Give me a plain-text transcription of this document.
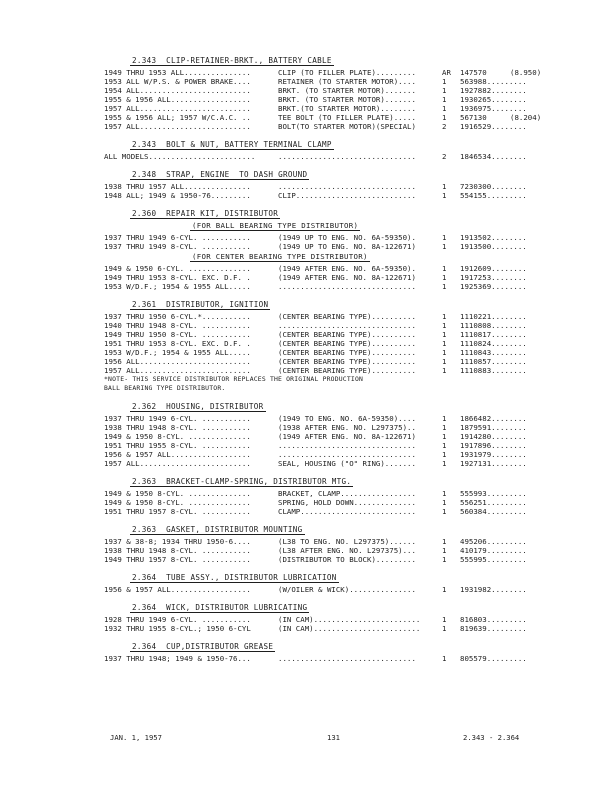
2.343  CLIP-RETAINER-BRKT., BATTERY CABLE
1949 THRU 1953 ALL...............	CLIP (TO FILLER PLATE).........	AR 147570	(8.950)
1953 ALL W/P.S. & POWER BRAKE....	RETAINER (TO STARTER MOTOR)....	1 563988.........
1954 ALL.........................	BRKT. (TO STARTER MOTOR).......	1 1927882........
1955 & 1956 ALL..................	BRKT. (TO STARTER MOTOR).......	1 1930265........
1957 ALL.........................	BRKT.(TO STARTER MOTOR)........	1 1936975........
1955 & 1956 ALL; 1957 W/C.A.C. ..	TEE BOLT (TO FILLER PLATE).....	1 567130	(8.204)
1957 ALL.........................	BOLT(TO STARTER MOTOR)(SPECIAL)	2 1916529........
2.343  BOLT & NUT, BATTERY TERMINAL CLAMP
ALL MODELS........................	...............................	2 1846534........
2.348  STRAP, ENGINE  TO DASH GROUND
1938 THRU 1957 ALL...............	...............................	1 7230300........
1948 ALL; 1949 & 1950-76.........	CLIP...........................	1 554155.........
2.360  REPAIR KIT, DISTRIBUTOR
(FOR BALL BEARING TYPE DISTRIBUTOR)
1937 THRU 1949 6-CYL. ...........	(1949 UP TO ENG. NO. 6A-59350).	1 1913502........
1937 THRU 1949 8-CYL. ...........	(1949 UP TO ENG. NO. 8A-122671)	1 1913500........
(FOR CENTER BEARING TYPE DISTRIBUTOR)
1949 & 1950 6-CYL. ..............	(1949 AFTER ENG. NO. 6A-59350).	1 1912609........
1949 THRU 1953 8-CYL. EXC. D.F. .	(1949 AFTER ENG. NO. 8A-122671)	1 1917253........
1953 W/D.F.; 1954 & 1955 ALL.....	...............................	1 1925369........
2.361  DISTRIBUTOR, IGNITION
1937 THRU 1950 6-CYL.*...........	(CENTER BEARING TYPE)..........	1 1110221........
1940 THRU 1948 8-CYL. ...........	...............................	1 1110808........
1949 THRU 1950 8-CYL. ...........	(CENTER BEARING TYPE)..........	1 1110817........
1951 THRU 1953 8-CYL. EXC. D.F. .	(CENTER BEARING TYPE)..........	1 1110824........
1953 W/D.F.; 1954 & 1955 ALL.....	(CENTER BEARING TYPE)..........	1 1110843........
1956 ALL.........................	(CENTER BEARING TYPE)..........	1 1110857........
1957 ALL.........................	(CENTER BEARING TYPE)..........	1 1110883........
*NOTE- THIS SERVICE DISTRIBUTOR REPLACES THE ORIGINAL PRODUCTION
BALL BEARING TYPE DISTRIBUTOR.
2.362  HOUSING, DISTRIBUTOR
1937 THRU 1949 6-CYL. ...........	(1949 TO ENG. NO. 6A-59350)....	1 1866482........
1938 THRU 1948 8-CYL. ...........	(1938 AFTER ENG. NO. L297375)..	1 1879591........
1949 & 1950 8-CYL. ..............	(1949 AFTER ENG. NO. 8A-122671)	1 1914280........
1951 THRU 1955 8-CYL. ...........	...............................	1 1917896........
1956 & 1957 ALL..................	...............................	1 1931979........
1957 ALL.........................	SEAL, HOUSING ("O" RING).......	1 1927131........
2.363  BRACKET-CLAMP-SPRING, DISTRIBUTOR MTG.
1949 & 1950 8-CYL. ..............	BRACKET, CLAMP.................	1 555993.........
1949 & 1950 8-CYL. ..............	SPRING, HOLD DOWN..............	1 556251.........
1951 THRU 1957 8-CYL. ...........	CLAMP..........................	1 560384.........
2.363  GASKET, DISTRIBUTOR MOUNTING
1937 & 38-8; 1934 THRU 1950-6....	(L38 TO ENG. NO. L297375)......	1 495206.........
1938 THRU 1948 8-CYL. ...........	(L38 AFTER ENG. NO. L297375)...	1 410179.........
1949 THRU 1957 8-CYL. ...........	(DISTRIBUTOR TO BLOCK).........	1 555995.........
2.364  TUBE ASSY., DISTRIBUTOR LUBRICATION
1956 & 1957 ALL..................	(W/OILER & WICK)...............	1 1931982........
2.364  WICK, DISTRIBUTOR LUBRICATING
1928 THRU 1949 6-CYL. ...........	(IN CAM)........................	1 816803.........
1932 THRU 1955 8-CYL.; 1950 6-CYL	(IN CAM)........................	1 819639.........
2.364  CUP,DISTRIBUTOR GREASE
1937 THRU 1948; 1949 & 1950-76...	...............................	1 805579.........
JAN. 1, 1957	131	2.343 - 2.364
